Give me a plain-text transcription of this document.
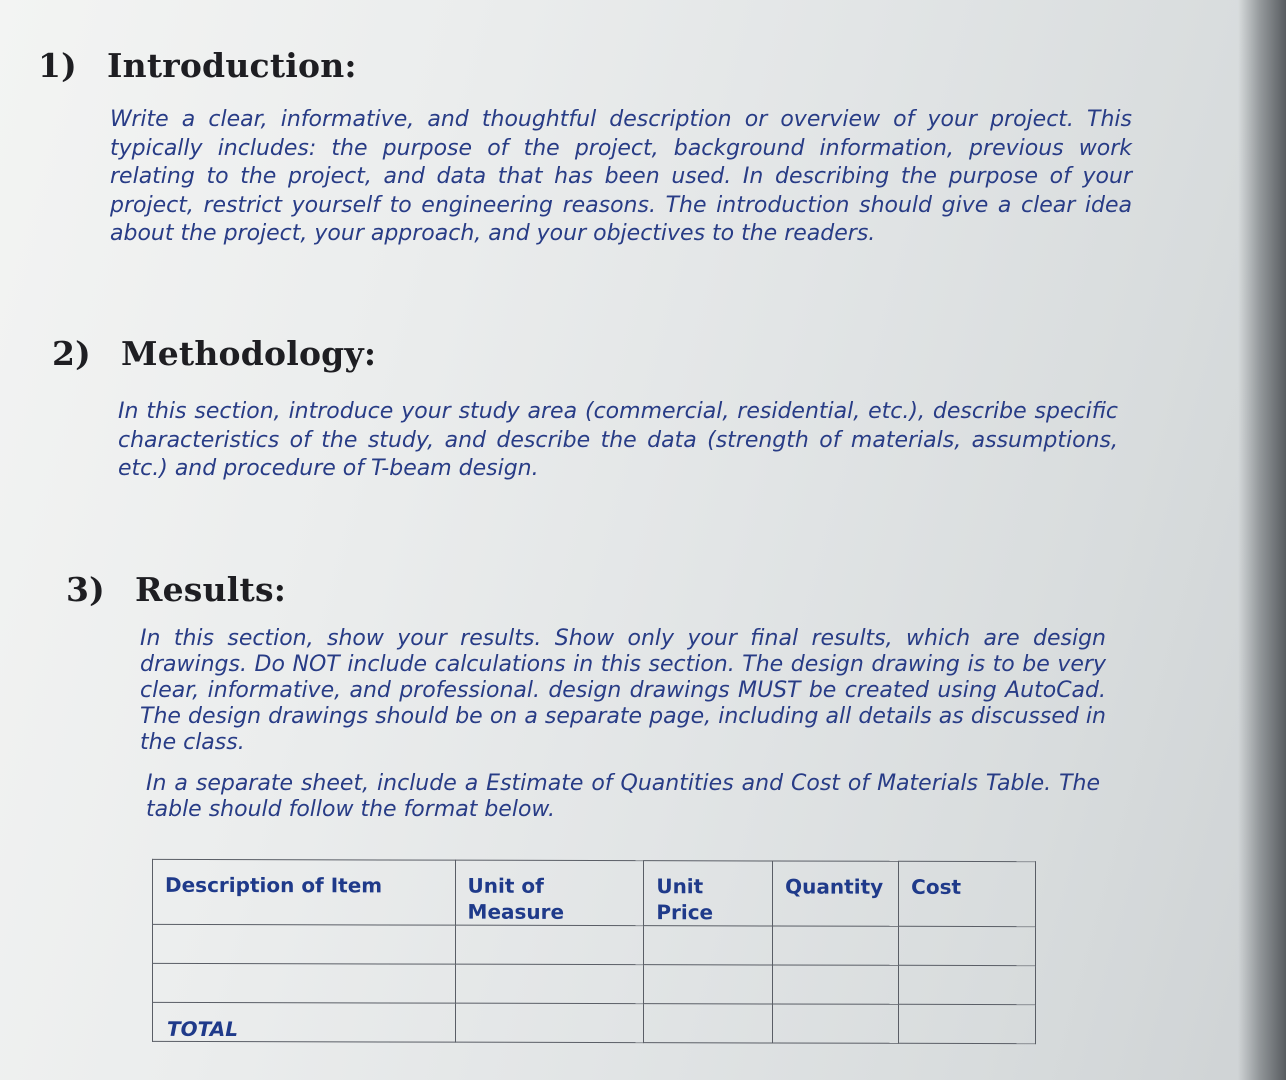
1) Introduction:

Write a clear, informative, and thoughtful description or overview of your project. This typically includes: the purpose of the project, background information, previous work relating to the project, and data that has been used. In describing the purpose of your project, restrict yourself to engineering reasons. The introduction should give a clear idea about the project, your approach, and your objectives to the readers.

2) Methodology:

In this section, introduce your study area (commercial, residential, etc.), describe specific characteristics of the study, and describe the data (strength of materials, assumptions, etc.) and procedure of T-beam design.

3) Results:

In this section, show your results. Show only your final results, which are design drawings. Do NOT include calculations in this section. The design drawing is to be very clear, informative, and professional. design drawings MUST be created using AutoCad. The design drawings should be on a separate page, including all details as discussed in the class.

In a separate sheet, include a Estimate of Quantities and Cost of Materials Table. The table should follow the format below.

Description of Item	Unit of Measure	Unit Price	Quantity	Cost

TOTAL				
